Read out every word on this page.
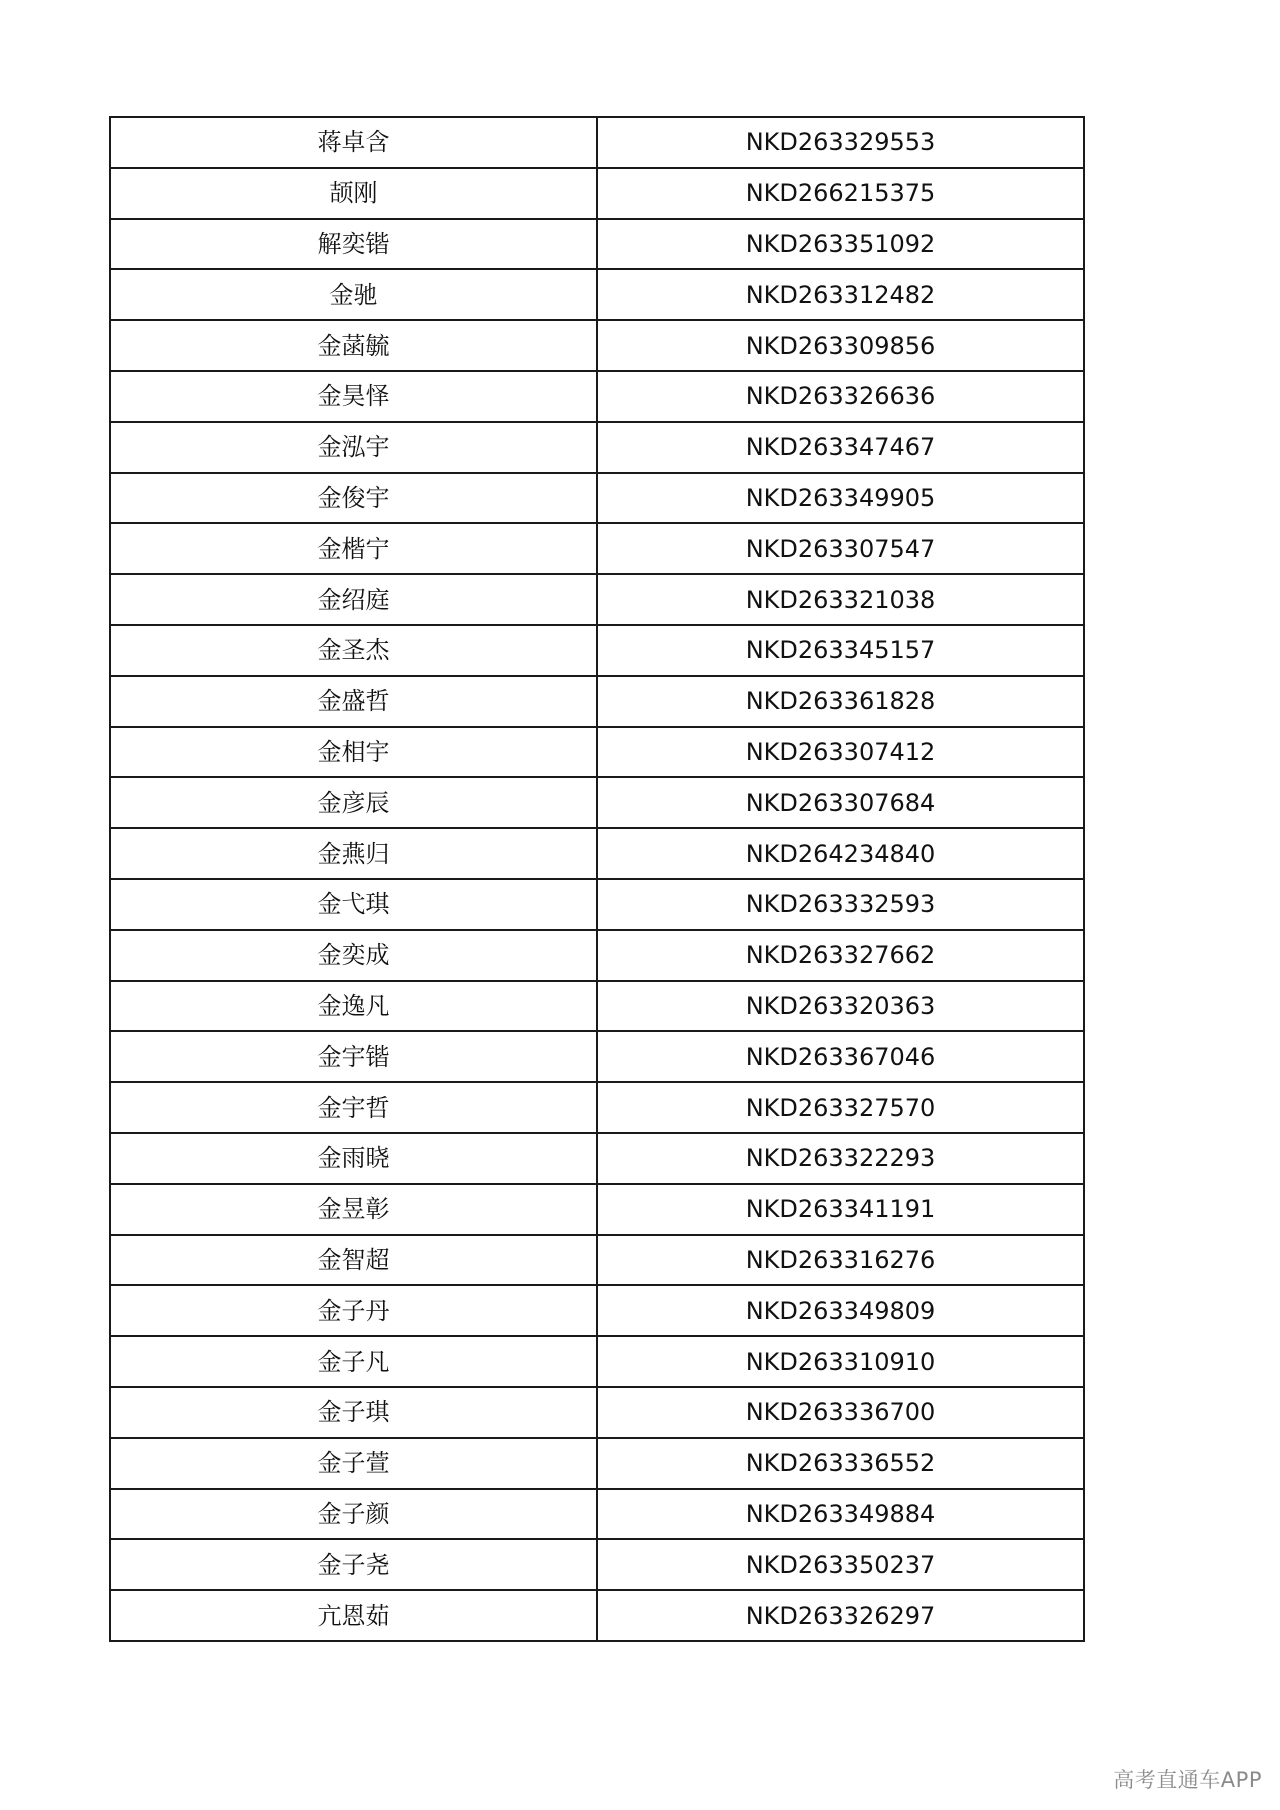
蒋卓含	NKD263329553
颉刚	NKD266215375
解奕锴	NKD263351092
金驰	NKD263312482
金菡毓	NKD263309856
金昊怿	NKD263326636
金泓宇	NKD263347467
金俊宇	NKD263349905
金楷宁	NKD263307547
金绍庭	NKD263321038
金圣杰	NKD263345157
金盛哲	NKD263361828
金相宇	NKD263307412
金彦辰	NKD263307684
金燕归	NKD264234840
金弋琪	NKD263332593
金奕成	NKD263327662
金逸凡	NKD263320363
金宇锴	NKD263367046
金宇哲	NKD263327570
金雨晓	NKD263322293
金昱彰	NKD263341191
金智超	NKD263316276
金子丹	NKD263349809
金子凡	NKD263310910
金子琪	NKD263336700
金子萱	NKD263336552
金子颜	NKD263349884
金子尧	NKD263350237
亢恩茹	NKD263326297
高考直通车APP
